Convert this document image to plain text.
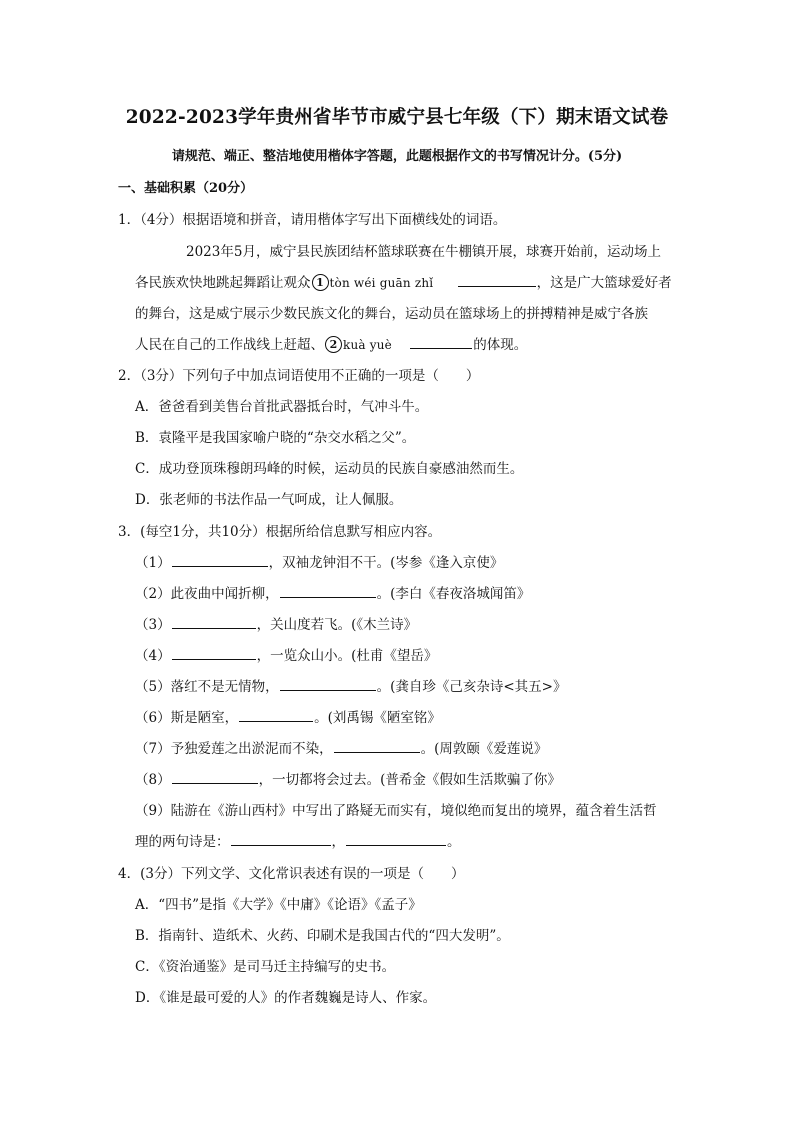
2022-2023学年贵州省毕节市威宁县七年级（下）期末语文试卷
请规范、端正、整洁地使用楷体字答题，此题根据作文的书写情况计分。(5分)
一、基础积累（20分）
1．（4分）根据语境和拼音，请用楷体字写出下面横线处的词语。
2023年5月，威宁县民族团结杯篮球联赛在牛棚镇开展，球赛开始前，运动场上
各民族欢快地跳起舞蹈让观众 1 tòn wéi guān zhǐ	，这是广大篮球爱好者
的舞台，这是威宁展示少数民族文化的舞台，运动员在篮球场上的拼搏精神是威宁各族
人民在自己的工作战线上赶超、 2 kuà yuè	的体现。
2．（3分）下列句子中加点词语使用不正确的一项是（　　）
A．爸爸看到美售台首批武器抵台时，气冲斗牛。
B．袁隆平是我国家喻户晓的“杂交水稻之父”。
C．成功登顶珠穆朗玛峰的时候，运动员的民族自豪感油然而生。
D．张老师的书法作品一气呵成，让人佩服。
3．(每空1分，共10分）根据所给信息默写相应内容。
（1）	，双袖龙钟泪不干。(岑参《逢入京使》
（2）此夜曲中闻折柳，	。(李白《春夜洛城闻笛》
（3）	，关山度若飞。(《木兰诗》
（4）	，一览众山小。(杜甫《望岳》
（5）落红不是无情物，	。(龚自珍《己亥杂诗<其五>》
（6）斯是陋室，	。(刘禹锡《陋室铭》
（7）予独爱莲之出淤泥而不染，	。(周敦颐《爱莲说》
（8）	，一切都将会过去。(普希金《假如生活欺骗了你》
（9）陆游在《游山西村》中写出了路疑无而实有，境似绝而复出的境界，蕴含着生活哲
理的两句诗是：	，	。
4．(3分）下列文学、文化常识表述有误的一项是（　　）
A．“四书”是指《大学》《中庸》《论语》《孟子》
B．指南针、造纸术、火药、印刷术是我国古代的“四大发明”。
C．《资治通鉴》是司马迁主持编写的史书。
D．《谁是最可爱的人》的作者魏巍是诗人、作家。
